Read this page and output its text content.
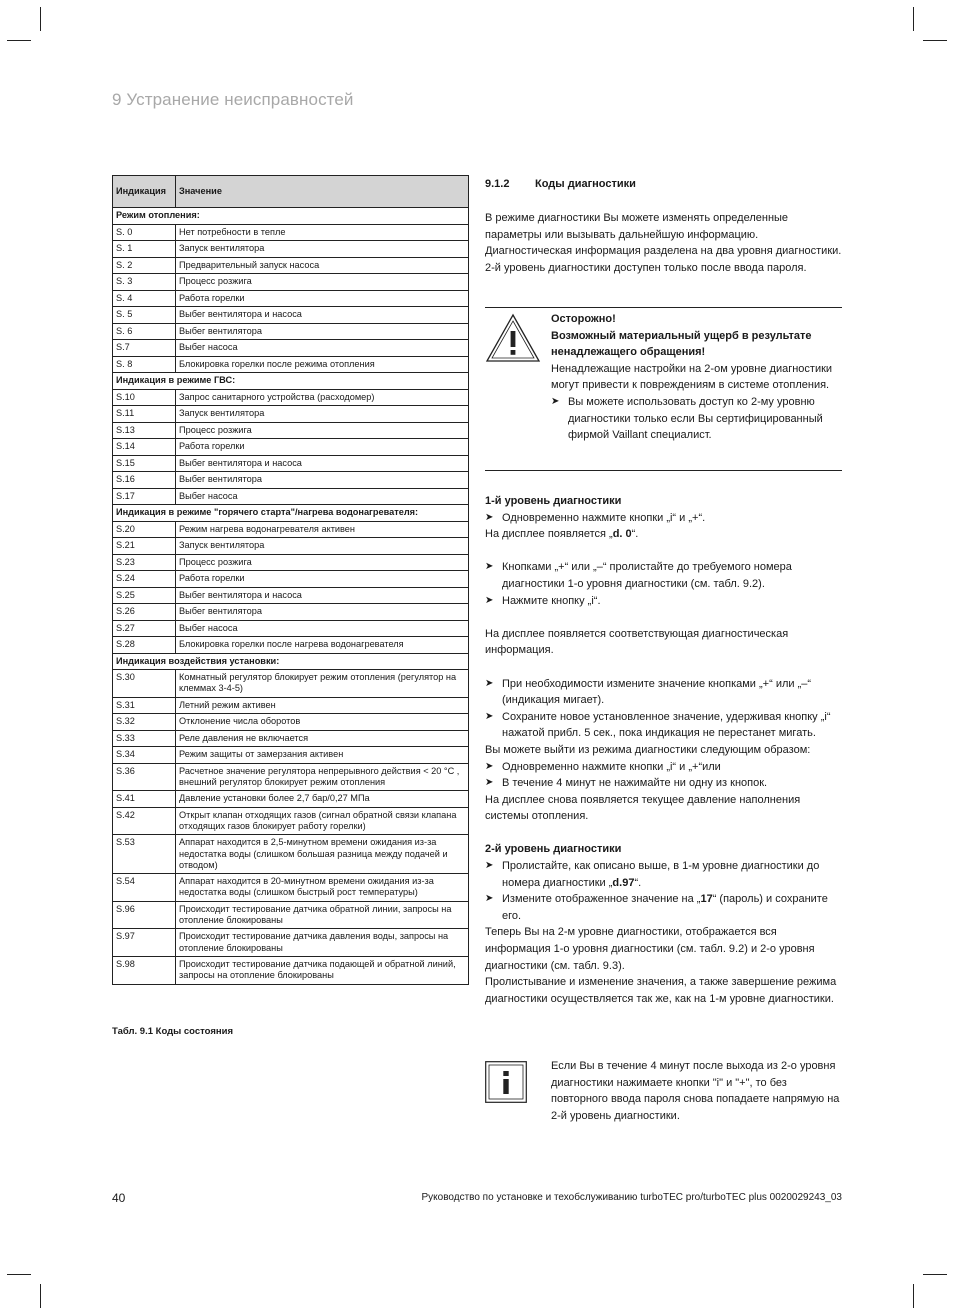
9 Устранение неисправностей
Индикация	Значение
Режим отопления:	
S. 0	Нет потребности в тепле
S. 1	Запуск вентилятора
S. 2	Предварительный запуск насоса
S. 3	Процесс розжига
S. 4	Работа горелки
S. 5	Выбег вентилятора и насоса
S. 6	Выбег вентилятора
S.7	Выбег насоса
S. 8	Блокировка горелки после режима отопления
Индикация в режиме ГВС:	
S.10	Запрос санитарного устройства (расходомер)
S.11	Запуск вентилятора
S.13	Процесс розжига
S.14	Работа горелки
S.15	Выбег вентилятора и насоса
S.16	Выбег вентилятора
S.17	Выбег насоса
Индикация в режиме "горячего старта"/нагрева водонагревателя:	
S.20	Режим нагрева водонагревателя активен
S.21	Запуск вентилятора
S.23	Процесс розжига
S.24	Работа горелки
S.25	Выбег вентилятора и насоса
S.26	Выбег вентилятора
S.27	Выбег насоса
S.28	Блокировка горелки после нагрева водонагревателя
Индикация воздействия установки:	
S.30	Комнатный регулятор блокирует режим отопления (регулятор на клеммах 3-4-5)
S.31	Летний режим активен
S.32	Отклонение числа оборотов
S.33	Реле давления не включается
S.34	Режим защиты от замерзания активен
S.36	Расчетное значение регулятора непрерывного действия < 20 °C , внешний регулятор блокирует режим отопления
S.41	Давление установки более 2,7 бар/0,27 МПа
S.42	Открыт клапан отходящих газов (сигнал обратной связи клапана отходящих газов блокирует работу горелки)
S.53	Аппарат находится в 2,5-минутном времени ожидания из-за недостатка воды (слишком большая разница между подачей и отводом)
S.54	Аппарат находится в 20-минутном времени ожидания из-за недостатка воды (слишком быстрый рост температуры)
S.96	Происходит тестирование датчика обратной линии, запросы на отопление блокированы
S.97	Происходит тестирование датчика давления воды, запросы на отопление блокированы
S.98	Происходит тестирование датчика подающей и обратной линий, запросы на отопление блокированы
Табл. 9.1 Коды состояния
9.1.2 Коды диагностики
В режиме диагностики Вы можете изменять определенные параметры или вызывать дальнейшую информацию.
Диагностическая информация разделена на два уровня диагностики. 2-й уровень диагностики доступен только после ввода пароля.
Осторожно!
Возможный материальный ущерб в результате ненадлежащего обращения!
Ненадлежащие настройки на 2-ом уровне диагностики могут привести к повреждениям в системе отопления.
➤ Вы можете использовать доступ ко 2-му уровню диагностики только если Вы сертифицированный фирмой Vaillant специалист.
1-й уровень диагностики
➤ Одновременно нажмите кнопки „i“ и „+“.
На дисплее появляется „d. 0“.
➤ Кнопками „+“ или „–“ пролистайте до требуемого номера диагностики 1-о уровня диагностики (см. табл. 9.2).
➤ Нажмите кнопку „i“.
На дисплее появляется соответствующая диагностическая информация.
➤ При необходимости измените значение кнопками „+“ или „–“ (индикация мигает).
➤ Сохраните новое установленное значение, удерживая кнопку „i“ нажатой прибл. 5 сек., пока индикация не перестанет мигать.
Вы можете выйти из режима диагностики следующим образом:
➤ Одновременно нажмите кнопки „i“ и „+“или
➤ В течение 4 минут не нажимайте ни одну из кнопок.
На дисплее снова появляется текущее давление наполнения системы отопления.
2-й уровень диагностики
➤ Пролистайте, как описано выше, в 1-м уровне диагностики до номера диагностики „d.97“.
➤ Измените отображенное значение на „17“ (пароль) и сохраните его.
Теперь Вы на 2-м уровне диагностики, отображается вся информация 1-о уровня диагностики (см. табл. 9.2) и 2-о уровня диагностики (см. табл. 9.3).
Пролистывание и изменение значения, а также завершение режима диагностики осуществляется так же, как на 1-м уровне диагностики.
Если Вы в течение 4 минут после выхода из 2-о уровня диагностики нажимаете кнопки "i" и "+", то без повторного ввода пароля снова попадаете напрямую на 2-й уровень диагностики.
40	Руководство по установке и техобслуживанию turboTEC pro/turboTEC plus 0020029243_03
